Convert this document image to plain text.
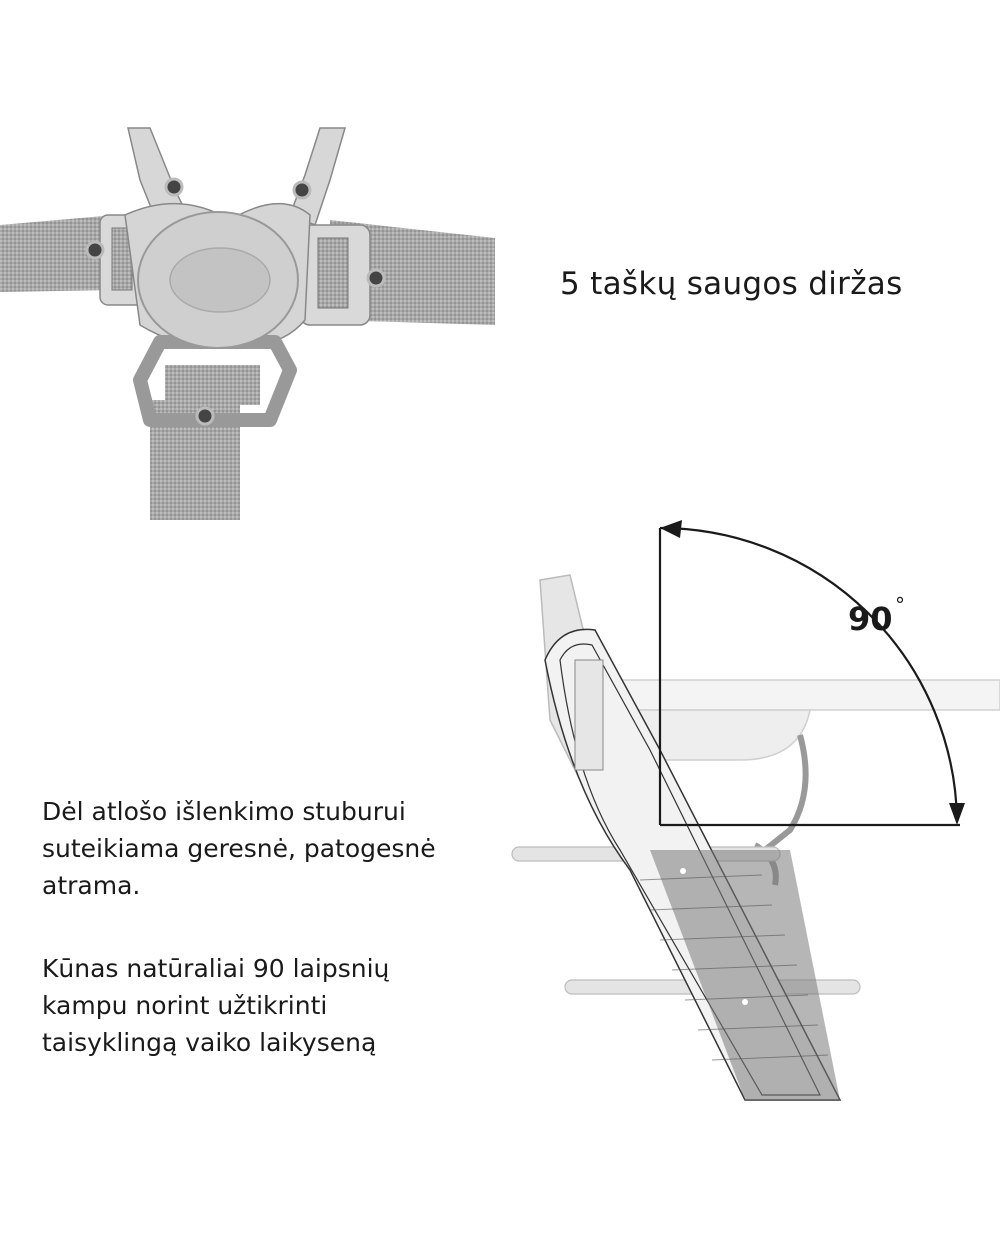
5 taškų saugos diržas
90 °
Dėl atlošo išlenkimo stuburui
suteikiama geresnė, patogesnė
atrama.
Kūnas natūraliai 90 laipsnių
kampu norint užtikrinti
taisyklingą vaiko laikyseną
